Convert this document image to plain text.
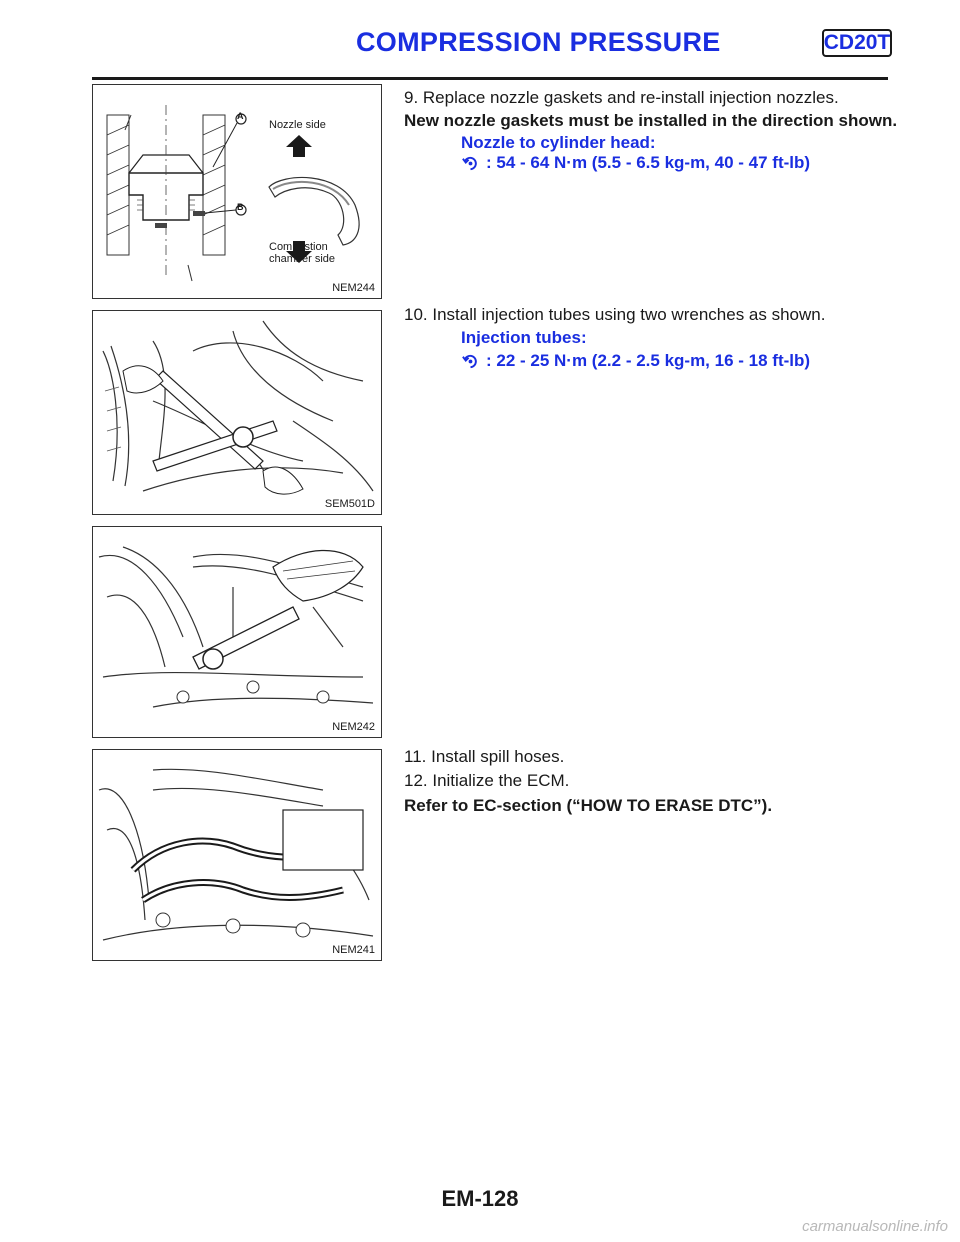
COMPRESSION PRESSURE	CD20T
A
B
Nozzle side
Combustion
chamber side
NEM244
SEM501D
NEM242
NEM241
9. Replace nozzle gaskets and re-install injection nozzles.
New nozzle gaskets must be installed in the direction shown.
Nozzle to cylinder head:
: 54 - 64 N·m (5.5 - 6.5 kg-m, 40 - 47 ft-lb)
10. Install injection tubes using two wrenches as shown.
Injection tubes:
: 22 - 25 N·m (2.2 - 2.5 kg-m, 16 - 18 ft-lb)
11. Install spill hoses.
12. Initialize the ECM.
Refer to EC-section (“HOW TO ERASE DTC”).
EM-128
carmanualsonline.info
